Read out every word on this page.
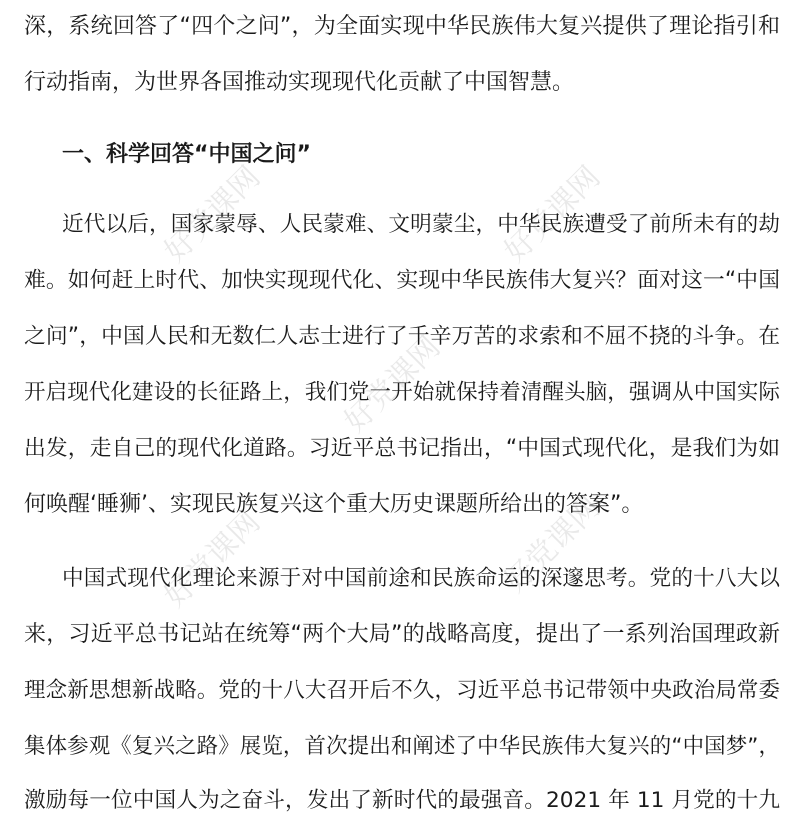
好党课网	好党课网
好党课网
好党课网	好党课网
深，系统回答了“四个之问”，为全面实现中华民族伟大复兴提供了理论指引和
行动指南，为世界各国推动实现现代化贡献了中国智慧。
一、科学回答“中国之问”
近代以后，国家蒙辱、人民蒙难、文明蒙尘，中华民族遭受了前所未有的劫
难。如何赶上时代、加快实现现代化、实现中华民族伟大复兴？面对这一“中国
之问”，中国人民和无数仁人志士进行了千辛万苦的求索和不屈不挠的斗争。在
开启现代化建设的长征路上，我们党一开始就保持着清醒头脑，强调从中国实际
出发，走自己的现代化道路。习近平总书记指出，“中国式现代化，是我们为如
何唤醒‘睡狮’、实现民族复兴这个重大历史课题所给出的答案”。
中国式现代化理论来源于对中国前途和民族命运的深邃思考。党的十八大以
来，习近平总书记站在统筹“两个大局”的战略高度，提出了一系列治国理政新
理念新思想新战略。党的十八大召开后不久，习近平总书记带领中央政治局常委
集体参观《复兴之路》展览，首次提出和阐述了中华民族伟大复兴的“中国梦”，
激励每一位中国人为之奋斗，发出了新时代的最强音。2021 年 11 月党的十九
